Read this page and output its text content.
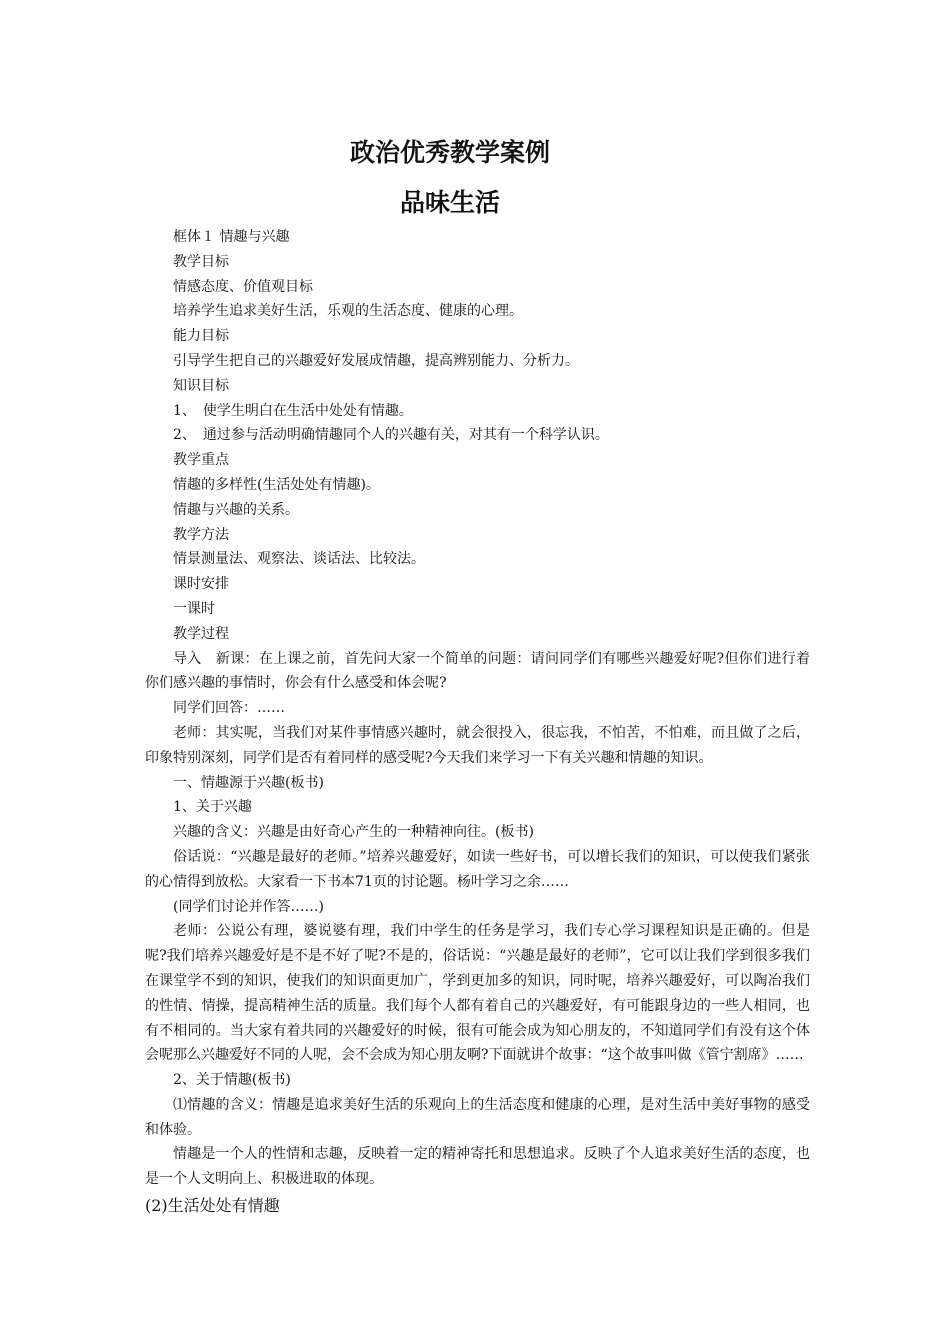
政治优秀教学案例
品味生活

框体１ 情趣与兴趣

教学目标

情感态度、价值观目标

培养学生追求美好生活，乐观的生活态度、健康的心理。

能力目标

引导学生把自己的兴趣爱好发展成情趣，提高辨别能力、分析力。

知识目标

1、　使学生明白在生活中处处有情趣。

2、　通过参与活动明确情趣同个人的兴趣有关，对其有一个科学认识。

教学重点

情趣的多样性(生活处处有情趣)。

情趣与兴趣的关系。

教学方法

情景测量法、观察法、谈话法、比较法。

课时安排

一课时

教学过程

导入　新课：在上课之前，首先问大家一个简单的问题：请问同学们有哪些兴趣爱好呢?但你们进行着你们感兴趣的事情时，你会有什么感受和体会呢?

同学们回答：……

老师：其实呢，当我们对某件事情感兴趣时，就会很投入，很忘我，不怕苦，不怕难，而且做了之后，印象特别深刻，同学们是否有着同样的感受呢?今天我们来学习一下有关兴趣和情趣的知识。

一、情趣源于兴趣(板书)

1、关于兴趣

兴趣的含义：兴趣是由好奇心产生的一种精神向往。(板书)

俗话说：“兴趣是最好的老师。”培养兴趣爱好，如读一些好书，可以增长我们的知识，可以使我们紧张的心情得到放松。大家看一下书本71页的讨论题。杨叶学习之余……

(同学们讨论并作答……)

老师：公说公有理，婆说婆有理，我们中学生的任务是学习，我们专心学习课程知识是正确的。但是呢?我们培养兴趣爱好是不是不好了呢?不是的，俗话说：“兴趣是最好的老师”，它可以让我们学到很多我们在课堂学不到的知识，使我们的知识面更加广，学到更加多的知识，同时呢，培养兴趣爱好，可以陶冶我们的性情、情操，提高精神生活的质量。我们每个人都有着自己的兴趣爱好，有可能跟身边的一些人相同，也有不相同的。当大家有着共同的兴趣爱好的时候，很有可能会成为知心朋友的，不知道同学们有没有这个体会呢那么兴趣爱好不同的人呢，会不会成为知心朋友啊?下面就讲个故事：“这个故事叫做《管宁割席》……

2、关于情趣(板书)

⑴情趣的含义：情趣是追求美好生活的乐观向上的生活态度和健康的心理，是对生活中美好事物的感受和体验。

情趣是一个人的性情和志趣，反映着一定的精神寄托和思想追求。反映了个人追求美好生活的态度，也是一个人文明向上、积极进取的体现。

(2)生活处处有情趣
